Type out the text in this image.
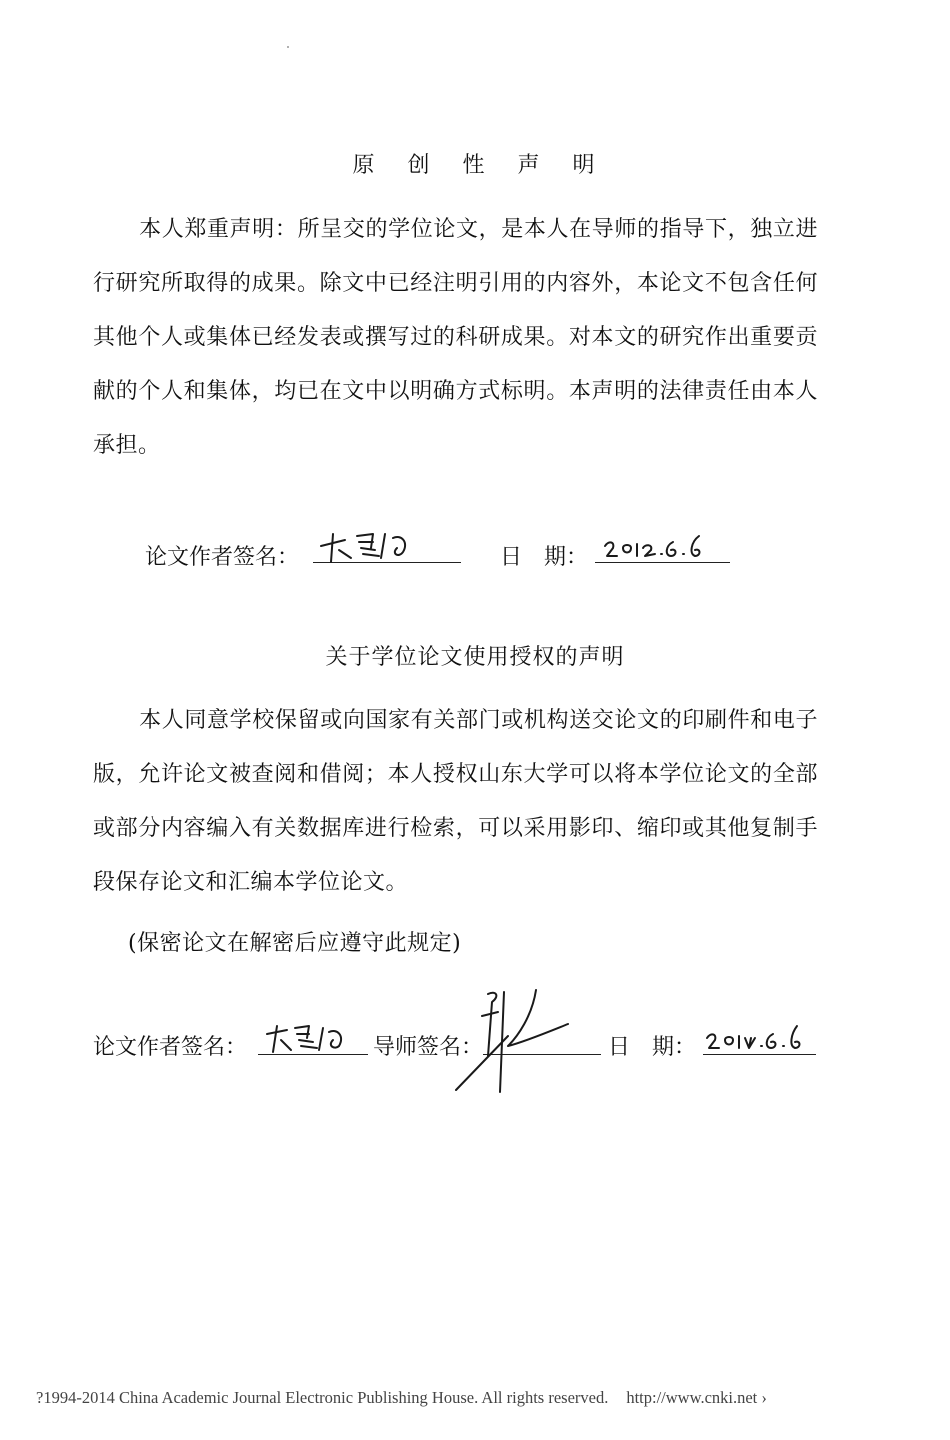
原 创 性 声 明
本人郑重声明：所呈交的学位论文，是本人在导师的指导下，独立进行研究所取得的成果。除文中已经注明引用的内容外，本论文不包含任何其他个人或集体已经发表或撰写过的科研成果。对本文的研究作出重要贡献的个人和集体，均已在文中以明确方式标明。本声明的法律责任由本人承担。
论文作者签名：	日　期：
关于学位论文使用授权的声明
本人同意学校保留或向国家有关部门或机构送交论文的印刷件和电子版，允许论文被查阅和借阅；本人授权山东大学可以将本学位论文的全部或部分内容编入有关数据库进行检索，可以采用影印、缩印或其他复制手段保存论文和汇编本学位论文。
(保密论文在解密后应遵守此规定)
论文作者签名：	导师签名：	日　期：
?1994-2014 China Academic Journal Electronic Publishing House. All rights reserved. http://www.cnki.net ›
